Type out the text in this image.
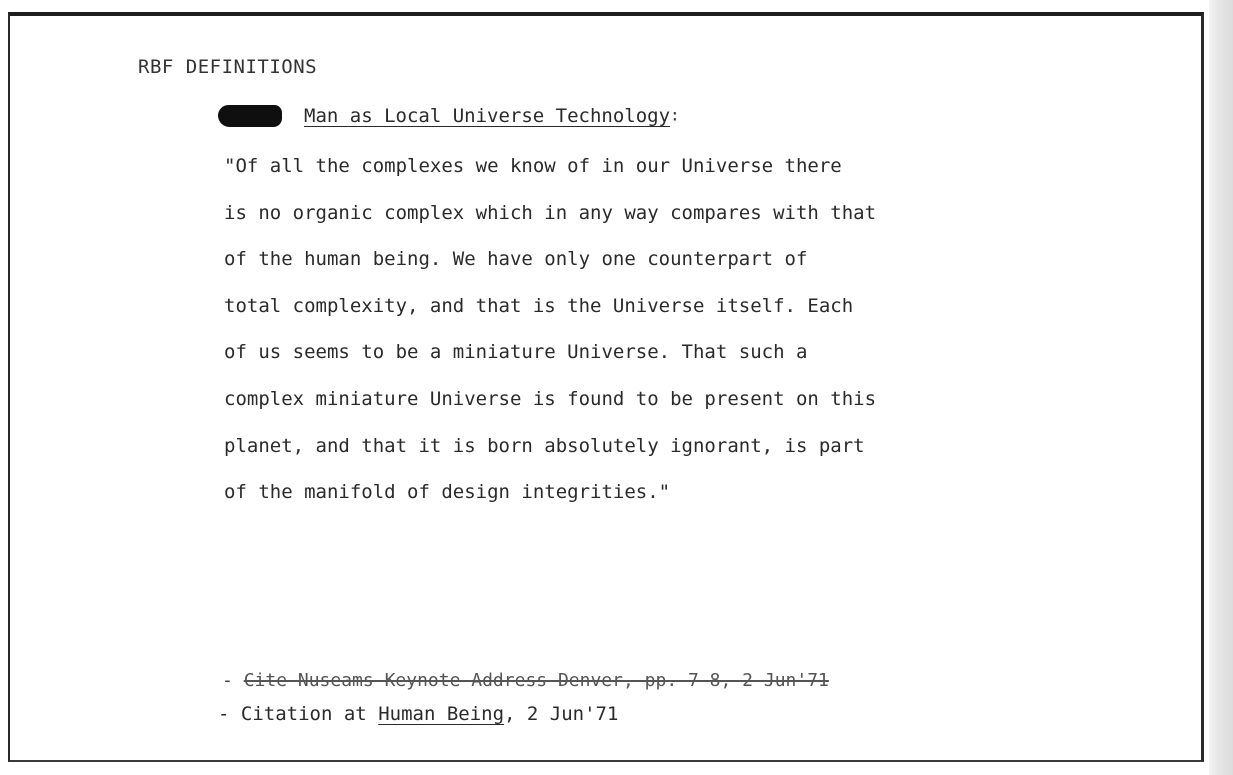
RBF DEFINITIONS
Man as Local Universe Technology:
"Of all the complexes we know of in our Universe there
is no organic complex which in any way compares with that
of the human being. We have only one counterpart of
total complexity, and that is the Universe itself. Each
of us seems to be a miniature Universe. That such a
complex miniature Universe is found to be present on this
planet, and that it is born absolutely ignorant, is part
of the manifold of design integrities."
- Cite Nuseams Keynote Address Denver, pp. 7-8, 2 Jun'71
- Citation at Human Being, 2 Jun'71
